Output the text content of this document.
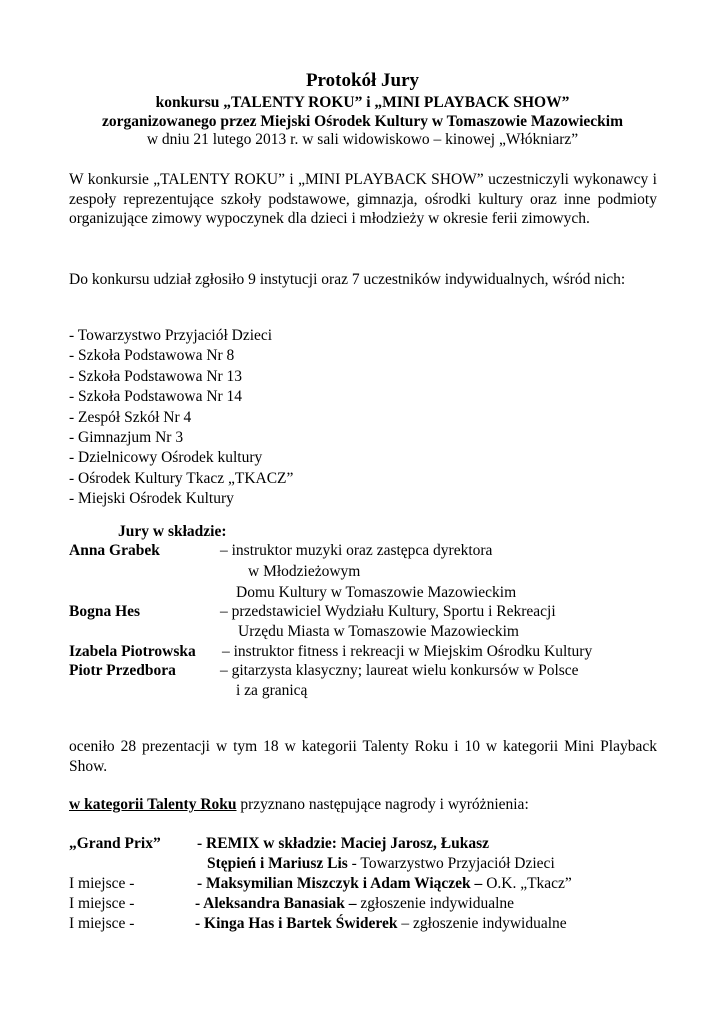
Protokół Jury
konkursu „TALENTY ROKU” i „MINI PLAYBACK SHOW”
zorganizowanego przez Miejski Ośrodek Kultury w Tomaszowie Mazowieckim
w dniu 21 lutego 2013 r. w sali widowiskowo – kinowej „Włókniarz”
W konkursie „TALENTY ROKU” i „MINI PLAYBACK SHOW” uczestniczyli wykonawcy i zespoły reprezentujące szkoły podstawowe, gimnazja, ośrodki kultury oraz inne podmioty organizujące zimowy wypoczynek dla dzieci i młodzieży w okresie ferii zimowych.
Do konkursu udział zgłosiło 9 instytucji oraz 7 uczestników indywidualnych, wśród nich:
- Towarzystwo Przyjaciół Dzieci
- Szkoła Podstawowa Nr 8
- Szkoła Podstawowa Nr 13
- Szkoła Podstawowa Nr 14
- Zespół Szkół Nr 4
- Gimnazjum Nr 3
- Dzielnicowy Ośrodek kultury
- Ośrodek Kultury Tkacz „TKACZ”
- Miejski Ośrodek Kultury
Jury w składzie:
Anna Grabek	– instruktor muzyki oraz zastępca dyrektora
w Młodzieżowym
Domu Kultury w Tomaszowie Mazowieckim
Bogna Hes	– przedstawiciel Wydziału Kultury, Sportu i Rekreacji
Urzędu Miasta w Tomaszowie Mazowieckim
Izabela Piotrowska – instruktor fitness i rekreacji w Miejskim Ośrodku Kultury
Piotr Przedbora	– gitarzysta klasyczny; laureat wielu konkursów w Polsce
i za granicą
oceniło 28 prezentacji w tym 18 w kategorii Talenty Roku i 10 w kategorii Mini Playback Show.
w kategorii Talenty Roku przyznano następujące nagrody i wyróżnienia:
„Grand Prix” - REMIX w składzie: Maciej Jarosz, Łukasz
Stępień i Mariusz Lis - Towarzystwo Przyjaciół Dzieci
I miejsce -	- Maksymilian Miszczyk i Adam Wiączek – O.K. „Tkacz”
I miejsce -	- Aleksandra Banasiak – zgłoszenie indywidualne
I miejsce -	- Kinga Has i Bartek Świderek – zgłoszenie indywidualne
